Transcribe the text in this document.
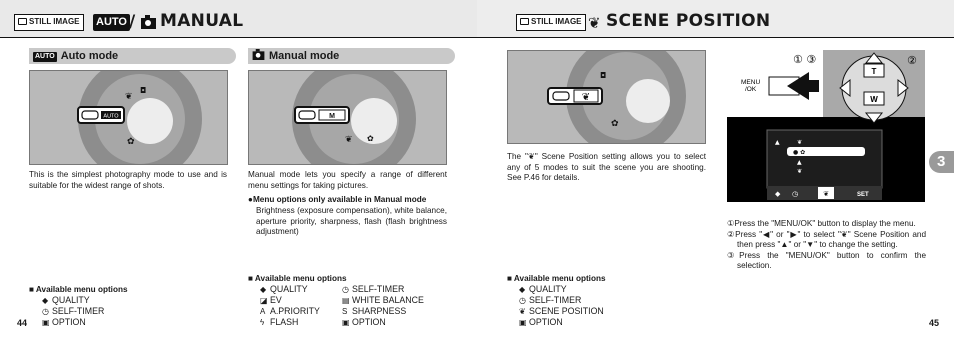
STILL IMAGE	AUTO / MANUAL	STILL IMAGE ❦ SCENE POSITION
AUTO Auto mode
AUTO
❦
◘
✿

This is the simplest photography mode to use and is suitable for the widest range of shots.

■ Available menu options
◆ QUALITY
◷ SELF-TIMER
▣ OPTION
44
Manual mode
M
❦ ✿

Manual mode lets you specify a range of different menu settings for taking pictures.

●Menu options only available in Manual mode

Brightness (exposure compensation), white balance, aperture priority, sharpness, flash (flash brightness adjustment)

■ Available menu options
◆ QUALITY
◪ EV
A A.PRIORITY
ϟ FLASH
◷ SELF-TIMER
▤ WHITE BALANCE
S SHARPNESS
▣ OPTION
❦
◘
✿

The "❦" Scene Position setting allows you to select any of 5 modes to suit the scene you are shooting. See P.46 for details.

■ Available menu options
◆ QUALITY
◷ SELF-TIMER
❦ SCENE POSITION
▣ OPTION
T
W
MENU
/OK
① ③	②
▲	❦
● ✿
▲
❦
◆ ◷	❦	SET
①Press the "MENU/OK" button to display the menu.
②Press "◀" or "▶" to select "❦" Scene Position and then press "▲" or "▼" to change the setting.
③Press the "MENU/OK" button to confirm the selection.
3
45
